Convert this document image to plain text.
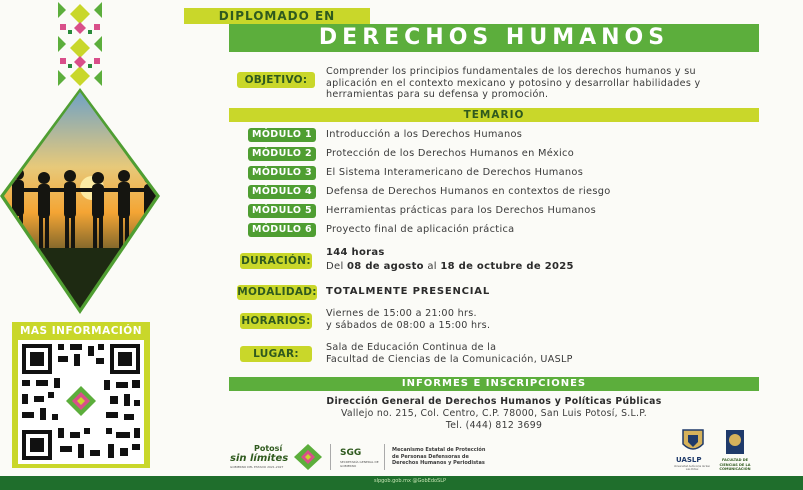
MAS INFORMACIÓN
DIPLOMADO EN
DERECHOS HUMANOS
OBJETIVO:
Comprender los principios fundamentales de los derechos humanos y su
aplicación en el contexto mexicano y potosino y desarrollar habilidades y
herramientas para su defensa y promoción.
TEMARIO
MÓDULO 1	Introducción a los Derechos Humanos
MÓDULO 2	Protección de los Derechos Humanos en México
MÓDULO 3	El Sistema Interamericano de Derechos Humanos
MÓDULO 4	Defensa de Derechos Humanos en contextos de riesgo
MÓDULO 5	Herramientas prácticas para los Derechos Humanos
MÓDULO 6	Proyecto final de aplicación práctica
DURACIÓN:
144 horas
Del 08 de agosto al 18 de octubre de 2025
MODALIDAD: TOTALMENTE PRESENCIAL
HORARIOS:
Viernes de 15:00 a 21:00 hrs.
y sábados de 08:00 a 15:00 hrs.
LUGAR:
Sala de Educación Continua de la
Facultad de Ciencias de la Comunicación, UASLP
INFORMES E INSCRIPCIONES
Dirección General de Derechos Humanos y Políticas Públicas
Vallejo no. 215, Col. Centro, C.P. 78000, San Luis Potosí, S.L.P.
Tel. (444) 812 3699
Potosí
sin límites
GOBIERNO DEL ESTADO 2021-2027
SGG
SECRETARÍA GENERAL DE GOBIERNO
Mecanismo Estatal de Protección
de Personas Defensoras de
Derechos Humanos y Periodistas	UASLP
Universidad Autónoma de San Luis Potosí
FACULTAD DE CIENCIAS DE LA COMUNICACIÓN
slpgob.gob.mx @GobEdoSLP
